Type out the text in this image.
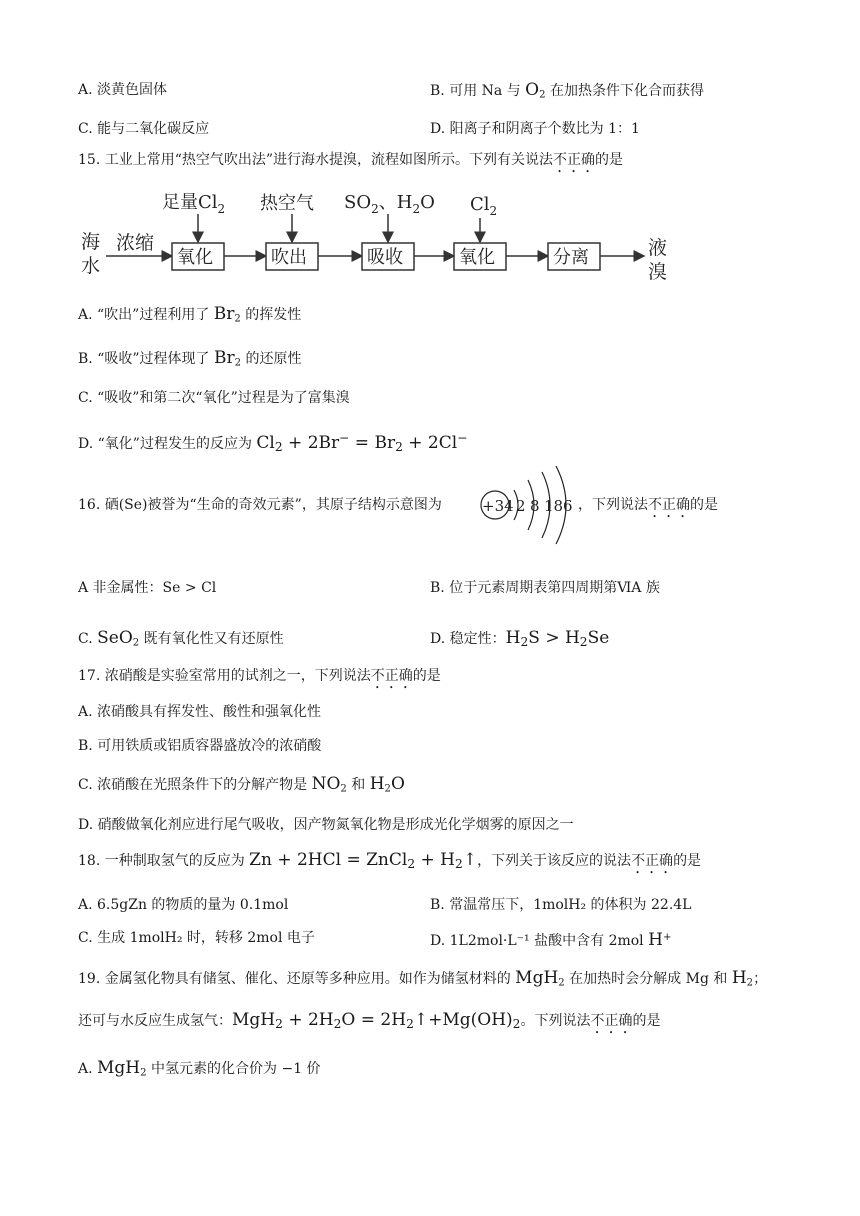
A. 淡黄色固体	B. 可用 Na 与 $O_2$ 在加热条件下化合而获得
C. 能与二氧化碳反应	D. 阳离子和阴离子个数比为 1：1
15. 工业上常用“热空气吹出法”进行海水提溴，流程如图所示。下列有关说法不正确的是
海
水
浓缩
氧化	吹出	吸收	氧化	分离	液
溴
足量$Cl_2$ 热空气 $SO_2$、$H_2O$ $Cl_2$
A. “吹出”过程利用了 $Br_2$ 的挥发性
B. “吸收”过程体现了 $Br_2$ 的还原性
C. “吸收”和第二次“氧化”过程是为了富集溴
D. “氧化”过程发生的反应为 $Cl_2 + 2Br^- = Br_2 + 2Cl^-$
16. 硒(Se)被誉为“生命的奇效元素”，其原子结构示意图为	+34 2 8 18 6 ，下列说法不正确的是
A 非金属性：Se > Cl	B. 位于元素周期表第四周期第ⅥA 族
C. SeO$_2$ 既有氧化性又有还原性	D. 稳定性：$H_2S > H_2Se$
17. 浓硝酸是实验室常用的试剂之一，下列说法不正确的是
A. 浓硝酸具有挥发性、酸性和强氧化性
B. 可用铁质或铝质容器盛放冷的浓硝酸
C. 浓硝酸在光照条件下的分解产物是 $NO_2$ 和 $H_2O$
D. 硝酸做氧化剂应进行尾气吸收，因产物氮氧化物是形成光化学烟雾的原因之一
18. 一种制取氢气的反应为 Zn + 2HCl = ZnCl$_2$ + $H_2↑$，下列关于该反应的说法不正确的是
A. 6.5gZn 的物质的量为 0.1mol	B. 常温常压下，1molH₂ 的体积为 22.4L
C. 生成 1molH₂ 时，转移 2mol 电子	D. 1L2mol·L⁻¹ 盐酸中含有 2mol H+
19. 金属氢化物具有储氢、催化、还原等多种应用。如作为储氢材料的 MgH$_2$ 在加热时会分解成 Mg 和 $H_2$；
还可与水反应生成氢气：$MgH_2 + 2H_2O$ = $2H_2↑+Mg(OH)_2$。下列说法不正确的是
A. MgH$_2$ 中氢元素的化合价为 −1 价
